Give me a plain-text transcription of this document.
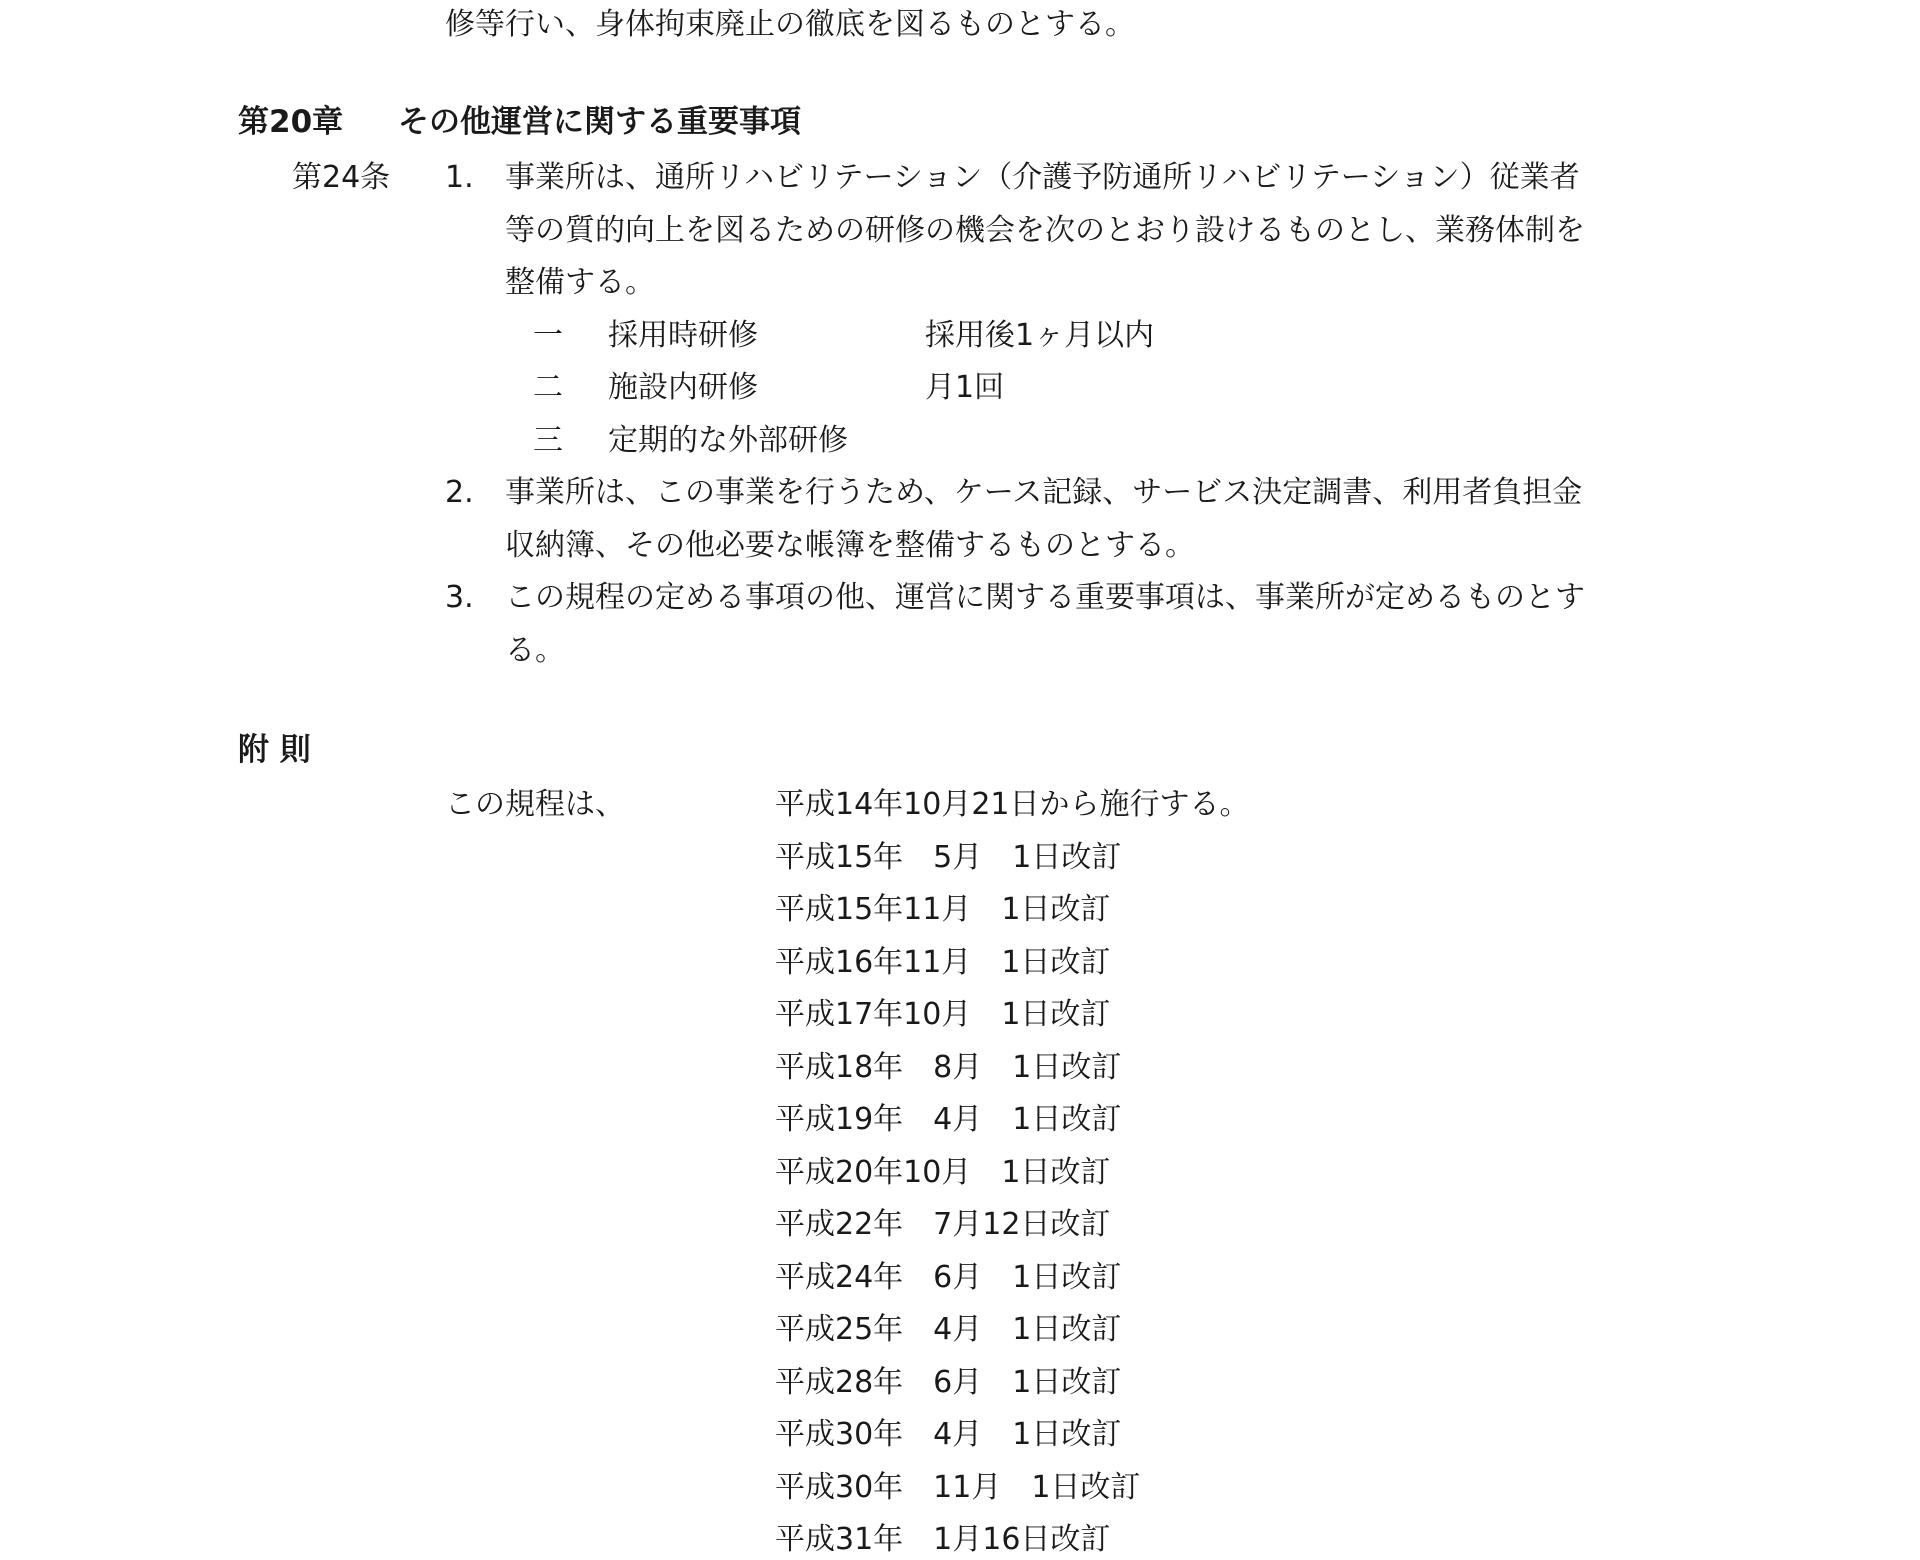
修等行い、身体拘束廃止の徹底を図るものとする。
第20章 その他運営に関する重要事項
第24条 1. 事業所は、通所リハビリテーション（介護予防通所リハビリテーション）従業者
等の質的向上を図るための研修の機会を次のとおり設けるものとし、業務体制を
整備する。
一 採用時研修	採用後1ヶ月以内
二 施設内研修	月1回
三 定期的な外部研修
2. 事業所は、この事業を行うため、ケース記録、サービス決定調書、利用者負担金
収納簿、その他必要な帳簿を整備するものとする。
3. この規程の定める事項の他、運営に関する重要事項は、事業所が定めるものとす
る。
附 則
この規程は、	平成14年10月21日から施行する。
平成15年　5月　1日改訂
平成15年11月　1日改訂
平成16年11月　1日改訂
平成17年10月　1日改訂
平成18年　8月　1日改訂
平成19年　4月　1日改訂
平成20年10月　1日改訂
平成22年　7月12日改訂
平成24年　6月　1日改訂
平成25年　4月　1日改訂
平成28年　6月　1日改訂
平成30年　4月　1日改訂
平成30年　11月　1日改訂
平成31年　1月16日改訂
